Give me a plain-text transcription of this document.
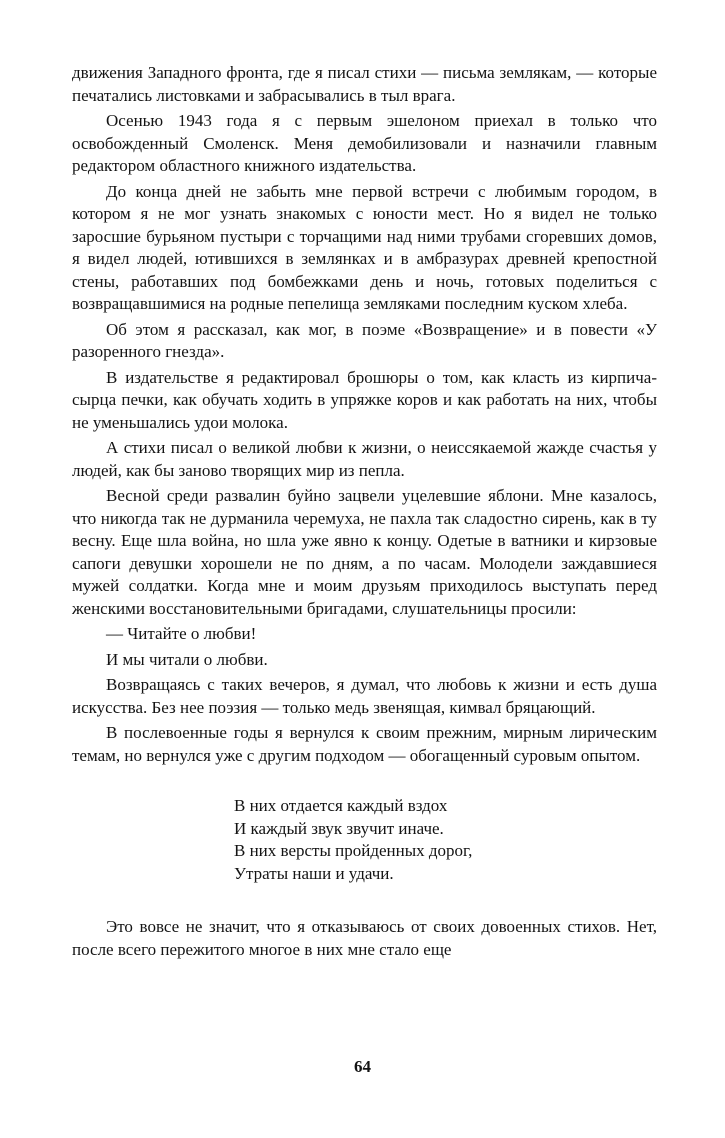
движения Западного фронта, где я писал стихи — письма землякам, — которые печатались листовками и забрасывались в тыл врага.

Осенью 1943 года я с первым эшелоном приехал в только что освобожденный Смоленск. Меня демобилизовали и назначили главным редактором областного книжного издательства.

До конца дней не забыть мне первой встречи с любимым городом, в котором я не мог узнать знакомых с юности мест. Но я видел не только заросшие бурьяном пустыри с торчащими над ними трубами сгоревших домов, я видел людей, ютившихся в землянках и в амбразурах древней крепостной стены, работавших под бомбежками день и ночь, готовых поделиться с возвращавшимися на родные пепелища земляками последним куском хлеба.

Об этом я рассказал, как мог, в поэме «Возвращение» и в повести «У разоренного гнезда».

В издательстве я редактировал брошюры о том, как класть из кирпича-сырца печки, как обучать ходить в упряжке коров и как работать на них, чтобы не уменьшались удои молока.

А стихи писал о великой любви к жизни, о неиссякаемой жажде счастья у людей, как бы заново творящих мир из пепла.

Весной среди развалин буйно зацвели уцелевшие яблони. Мне казалось, что никогда так не дурманила черемуха, не пахла так сладостно сирень, как в ту весну. Еще шла война, но шла уже явно к концу. Одетые в ватники и кирзовые сапоги девушки хорошели не по дням, а по часам. Молодели заждавшиеся мужей солдатки. Когда мне и моим друзьям приходилось выступать перед женскими восстановительными бригадами, слушательницы просили:

— Читайте о любви!

И мы читали о любви.

Возвращаясь с таких вечеров, я думал, что любовь к жизни и есть душа искусства. Без нее поэзия — только медь звенящая, кимвал бряцающий.

В послевоенные годы я вернулся к своим прежним, мирным лирическим темам, но вернулся уже с другим подходом — обогащенный суровым опытом.

В них отдается каждый вздох
И каждый звук звучит иначе.
В них версты пройденных дорог,
Утраты наши и удачи.

Это вовсе не значит, что я отказываюсь от своих довоенных стихов. Нет, после всего пережитого многое в них мне стало еще

64
